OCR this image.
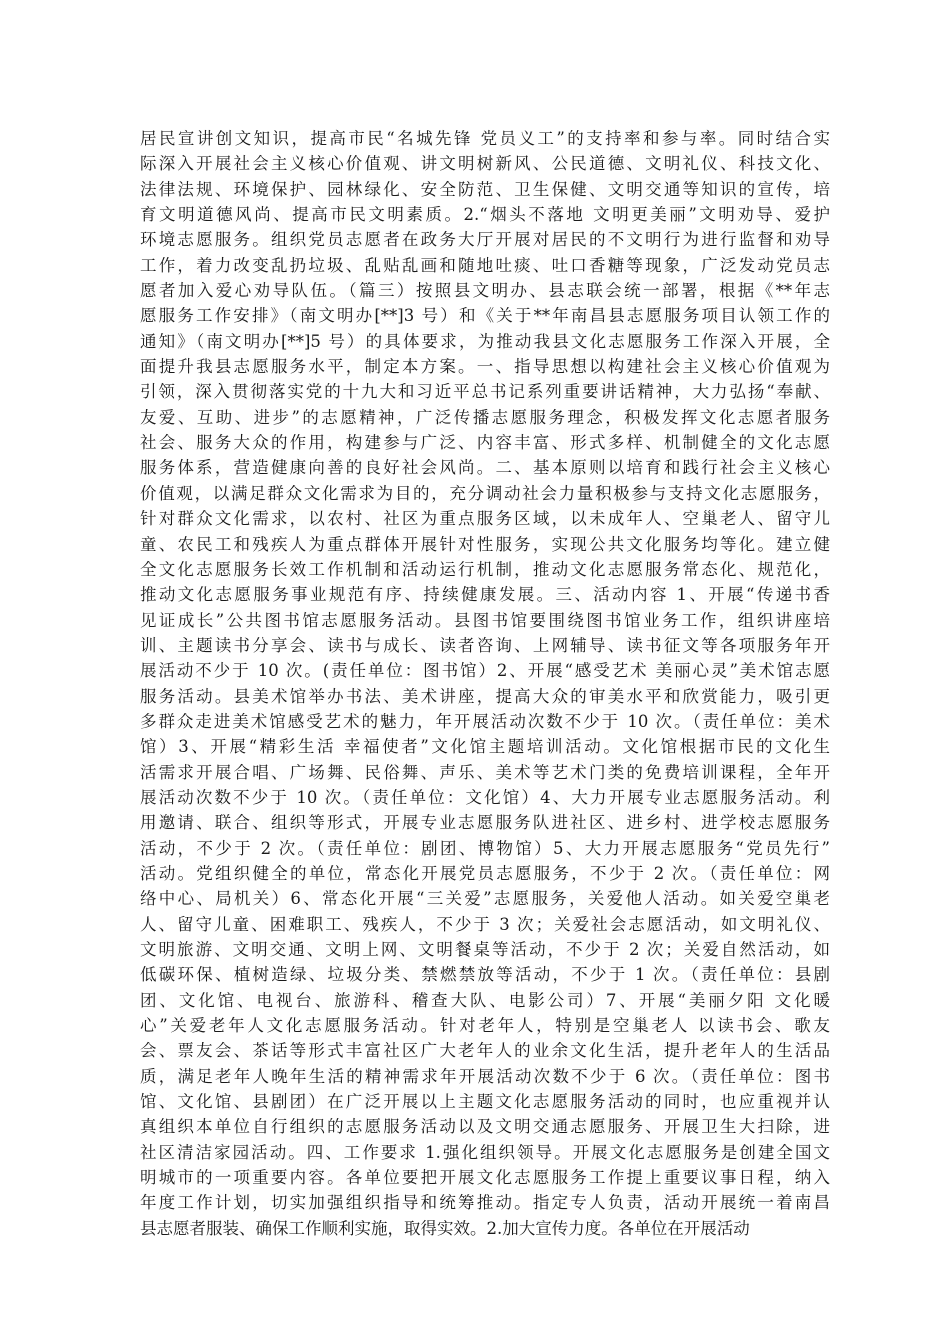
居民宣讲创文知识，提高市民“名城先锋 党员义工”的支持率和参与率。同时结合实
际深入开展社会主义核心价值观、讲文明树新风、公民道德、文明礼仪、科技文化、
法律法规、环境保护、园林绿化、安全防范、卫生保健、文明交通等知识的宣传，培
育文明道德风尚、提高市民文明素质。2.“烟头不落地 文明更美丽”文明劝导、爱护
环境志愿服务。组织党员志愿者在政务大厅开展对居民的不文明行为进行监督和劝导
工作，着力改变乱扔垃圾、乱贴乱画和随地吐痰、吐口香糖等现象，广泛发动党员志
愿者加入爱心劝导队伍。（篇三）按照县文明办、县志联会统一部署，根据《**年志
愿服务工作安排》（南文明办[**]3 号）和《关于**年南昌县志愿服务项目认领工作的
通知》（南文明办[**]5 号）的具体要求，为推动我县文化志愿服务工作深入开展，全
面提升我县志愿服务水平，制定本方案。一、指导思想以构建社会主义核心价值观为
引领，深入贯彻落实党的十九大和习近平总书记系列重要讲话精神，大力弘扬“奉献、
友爱、互助、进步”的志愿精神，广泛传播志愿服务理念，积极发挥文化志愿者服务
社会、服务大众的作用，构建参与广泛、内容丰富、形式多样、机制健全的文化志愿
服务体系，营造健康向善的良好社会风尚。二、基本原则以培育和践行社会主义核心
价值观，以满足群众文化需求为目的，充分调动社会力量积极参与支持文化志愿服务，
针对群众文化需求，以农村、社区为重点服务区域，以未成年人、空巢老人、留守儿
童、农民工和残疾人为重点群体开展针对性服务，实现公共文化服务均等化。建立健
全文化志愿服务长效工作机制和活动运行机制，推动文化志愿服务常态化、规范化，
推动文化志愿服务事业规范有序、持续健康发展。三、活动内容 1、开展“传递书香
见证成长”公共图书馆志愿服务活动。县图书馆要围绕图书馆业务工作，组织讲座培
训、主题读书分享会、读书与成长、读者咨询、上网辅导、读书征文等各项服务年开
展活动不少于 10 次。(责任单位：图书馆）2、开展“感受艺术 美丽心灵”美术馆志愿
服务活动。县美术馆举办书法、美术讲座，提高大众的审美水平和欣赏能力，吸引更
多群众走进美术馆感受艺术的魅力，年开展活动次数不少于 10 次。（责任单位：美术
馆）3、开展“精彩生活 幸福使者”文化馆主题培训活动。文化馆根据市民的文化生
活需求开展合唱、广场舞、民俗舞、声乐、美术等艺术门类的免费培训课程，全年开
展活动次数不少于 10 次。（责任单位：文化馆）4、大力开展专业志愿服务活动。利
用邀请、联合、组织等形式，开展专业志愿服务队进社区、进乡村、进学校志愿服务
活动，不少于 2 次。（责任单位：剧团、博物馆）5、大力开展志愿服务“党员先行”
活动。党组织健全的单位，常态化开展党员志愿服务，不少于 2 次。（责任单位：网
络中心、局机关）6、常态化开展“三关爱”志愿服务，关爱他人活动。如关爱空巢老
人、留守儿童、困难职工、残疾人，不少于 3 次；关爱社会志愿活动，如文明礼仪、
文明旅游、文明交通、文明上网、文明餐桌等活动，不少于 2 次；关爱自然活动，如
低碳环保、植树造绿、垃圾分类、禁燃禁放等活动，不少于 1 次。（责任单位：县剧
团、文化馆、电视台、旅游科、稽查大队、电影公司）7、开展“美丽夕阳 文化暖
心”关爱老年人文化志愿服务活动。针对老年人，特别是空巢老人 以读书会、歌友
会、票友会、茶话等形式丰富社区广大老年人的业余文化生活，提升老年人的生活品
质，满足老年人晚年生活的精神需求年开展活动次数不少于 6 次。（责任单位：图书
馆、文化馆、县剧团）在广泛开展以上主题文化志愿服务活动的同时，也应重视并认
真组织本单位自行组织的志愿服务活动以及文明交通志愿服务、开展卫生大扫除，进
社区清洁家园活动。四、工作要求 1.强化组织领导。开展文化志愿服务是创建全国文
明城市的一项重要内容。各单位要把开展文化志愿服务工作提上重要议事日程，纳入
年度工作计划，切实加强组织指导和统筹推动。指定专人负责，活动开展统一着南昌
县志愿者服装、确保工作顺利实施，取得实效。2.加大宣传力度。各单位在开展活动
